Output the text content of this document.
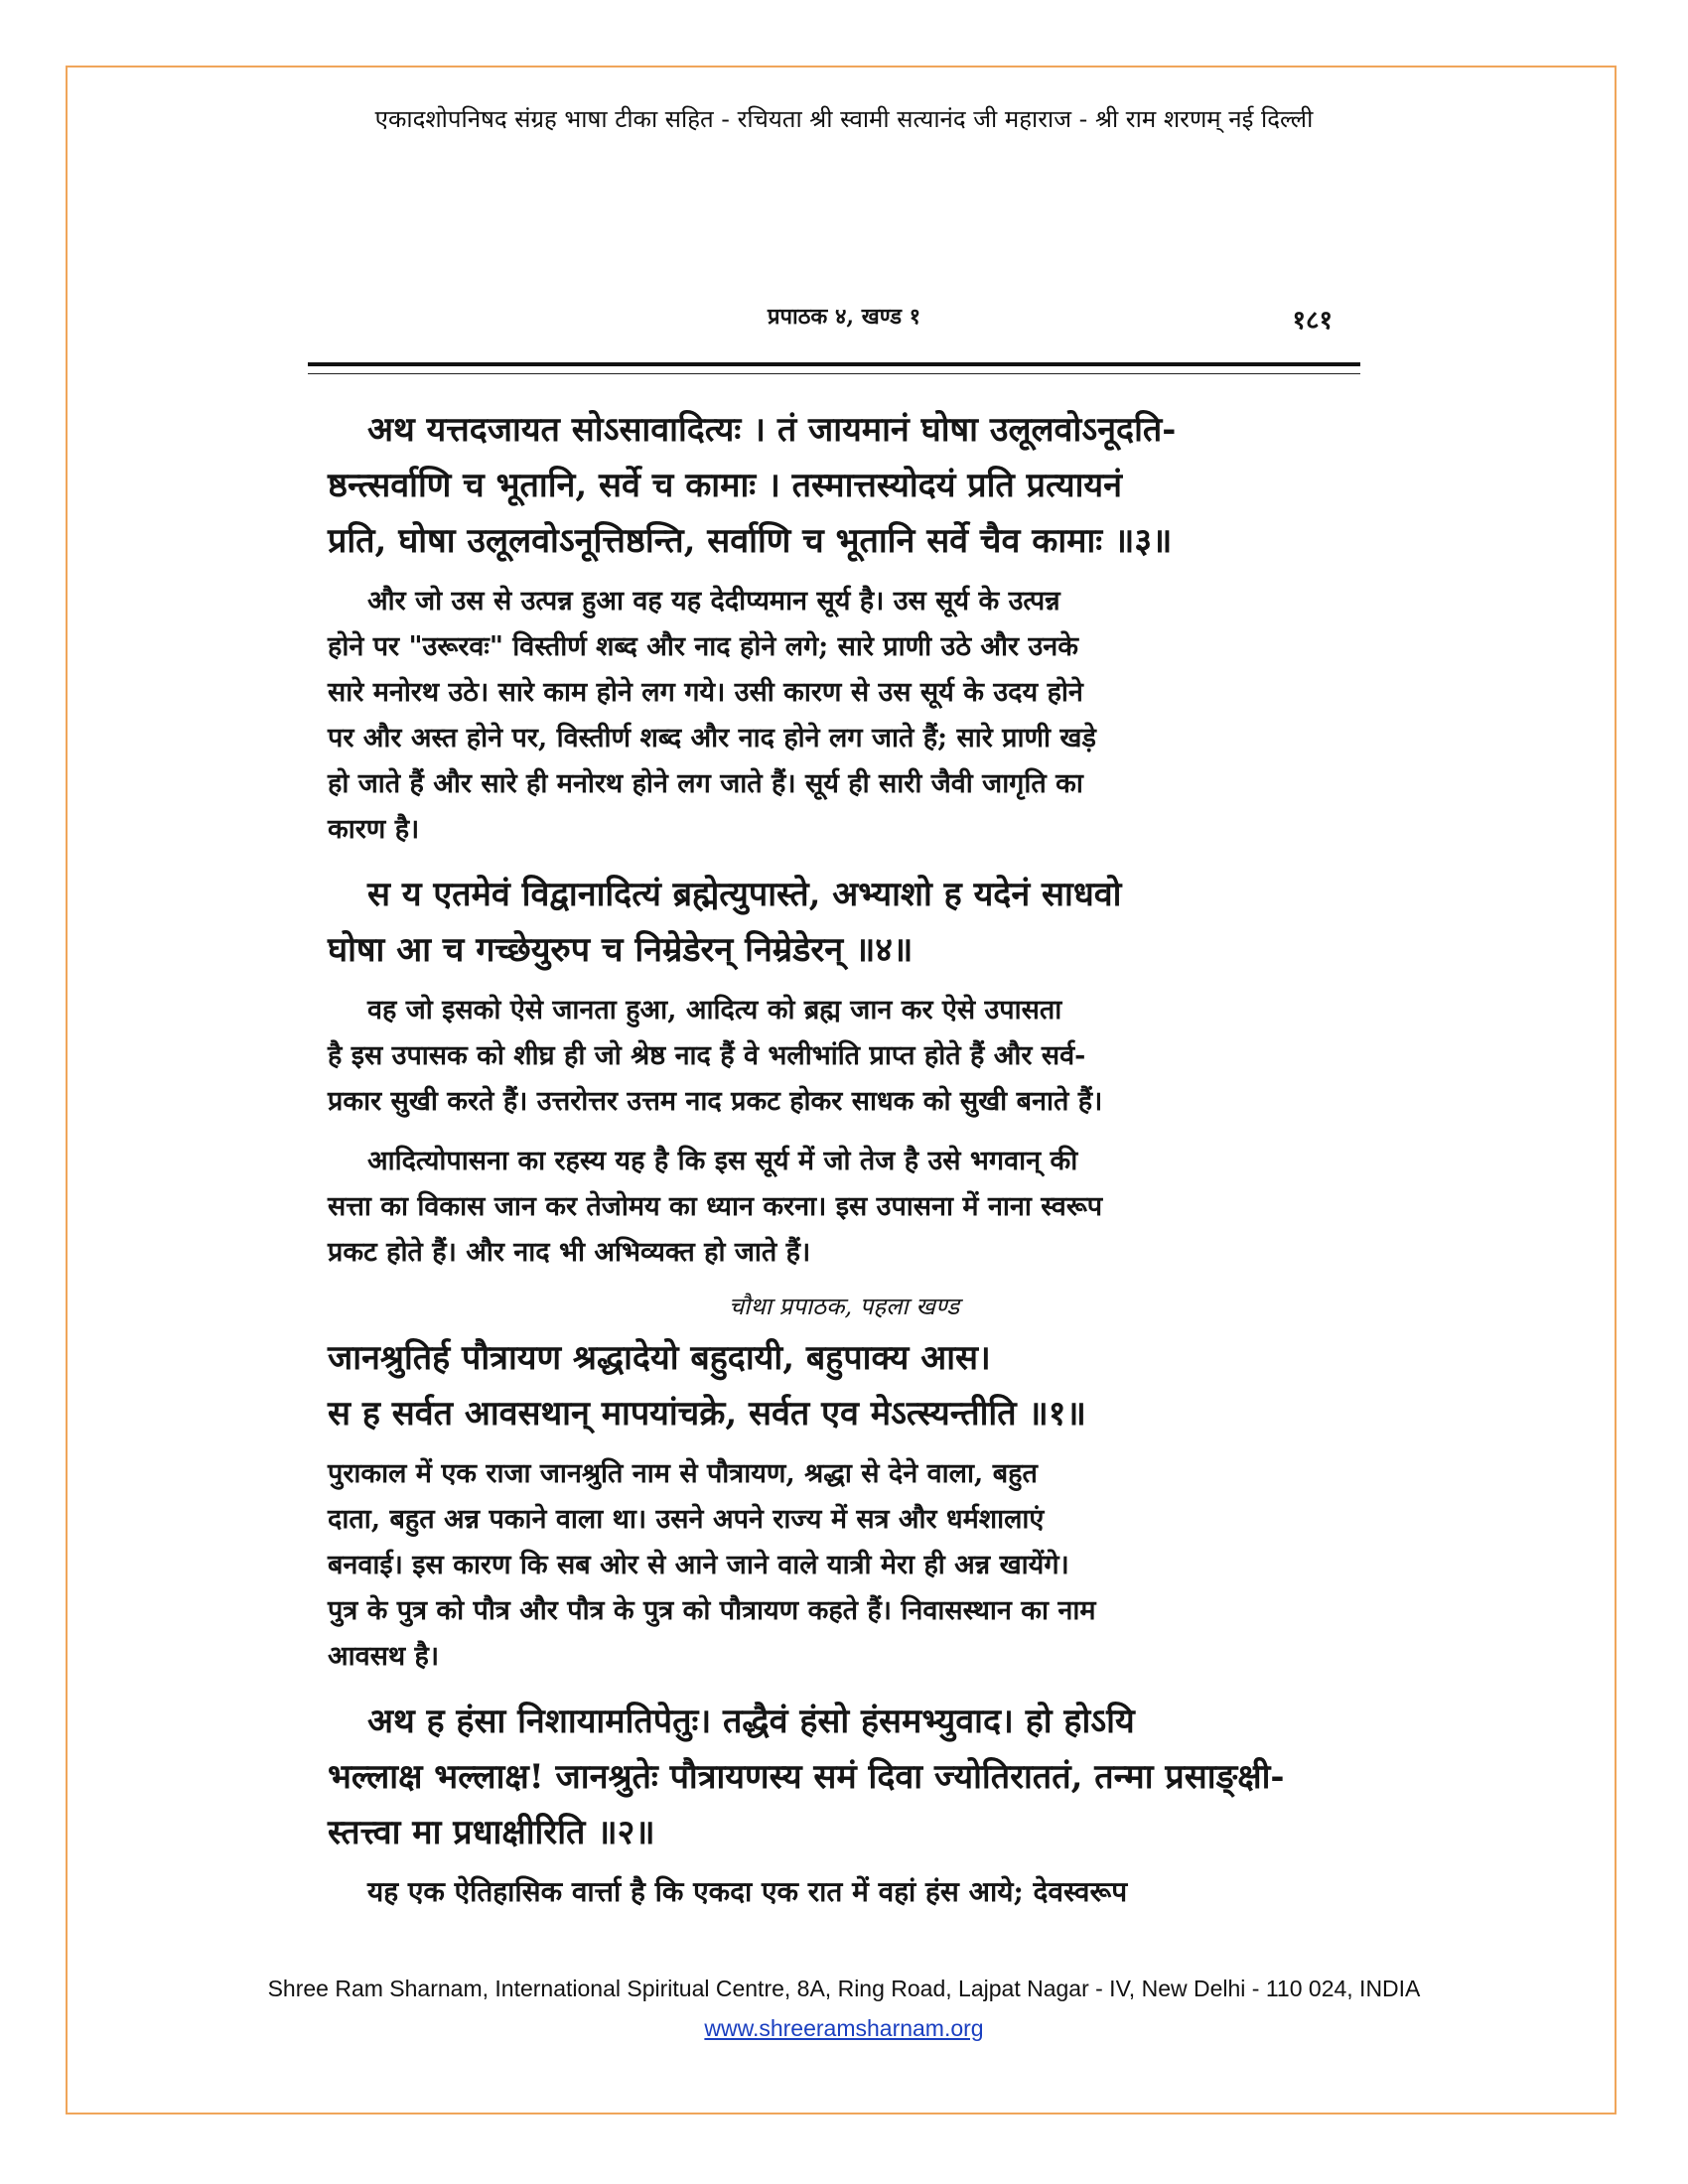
एकादशोपनिषद संग्रह भाषा टीका सहित - रचियता श्री स्वामी सत्यानंद जी महाराज - श्री राम शरणम् नई दिल्ली
प्रपाठक ४, खण्ड १	१८१
अथ यत्तदजायत सोऽसावादित्यः । तं जायमानं घोषा उलूलवोऽनूदति-
ष्ठन्त्सर्वाणि च भूतानि, सर्वे च कामाः । तस्मात्तस्योदयं प्रति प्रत्यायनं
प्रति, घोषा उलूलवोऽनूत्तिष्ठन्ति, सर्वाणि च भूतानि सर्वे चैव कामाः ॥३॥
और जो उस से उत्पन्न हुआ वह यह देदीप्यमान सूर्य है। उस सूर्य के उत्पन्न
होने पर "उरूरवः" विस्तीर्ण शब्द और नाद होने लगे; सारे प्राणी उठे और उनके
सारे मनोरथ उठे। सारे काम होने लग गये। उसी कारण से उस सूर्य के उदय होने
पर और अस्त होने पर, विस्तीर्ण शब्द और नाद होने लग जाते हैं; सारे प्राणी खड़े
हो जाते हैं और सारे ही मनोरथ होने लग जाते हैं। सूर्य ही सारी जैवी जागृति का
कारण है।
स य एतमेवं विद्वानादित्यं ब्रह्मेत्युपास्ते, अभ्याशो ह यदेनं साधवो
घोषा आ च गच्छेयुरुप च निम्रेडेरन् निम्रेडेरन् ॥४॥
वह जो इसको ऐसे जानता हुआ, आदित्य को ब्रह्म जान कर ऐसे उपासता
है इस उपासक को शीघ्र ही जो श्रेष्ठ नाद हैं वे भलीभांति प्राप्त होते हैं और सर्व-
प्रकार सुखी करते हैं। उत्तरोत्तर उत्तम नाद प्रकट होकर साधक को सुखी बनाते हैं।
आदित्योपासना का रहस्य यह है कि इस सूर्य में जो तेज है उसे भगवान् की
सत्ता का विकास जान कर तेजोमय का ध्यान करना। इस उपासना में नाना स्वरूप
प्रकट होते हैं। और नाद भी अभिव्यक्त हो जाते हैं।
चौथा प्रपाठक, पहला खण्ड
जानश्रुतिर्ह पौत्रायण श्रद्धादेयो बहुदायी, बहुपाक्य आस।
स ह सर्वत आवसथान् मापयांचक्रे, सर्वत एव मेऽत्स्यन्तीति ॥१॥
पुराकाल में एक राजा जानश्रुति नाम से पौत्रायण, श्रद्धा से देने वाला, बहुत
दाता, बहुत अन्न पकाने वाला था। उसने अपने राज्य में सत्र और धर्मशालाएं
बनवाई। इस कारण कि सब ओर से आने जाने वाले यात्री मेरा ही अन्न खायेंगे।
पुत्र के पुत्र को पौत्र और पौत्र के पुत्र को पौत्रायण कहते हैं। निवासस्थान का नाम
आवसथ है।
अथ ह हंसा निशायामतिपेतुः। तद्धैवं हंसो हंसमभ्युवाद। हो होऽयि
भल्लाक्ष भल्लाक्ष! जानश्रुतेः पौत्रायणस्य समं दिवा ज्योतिराततं, तन्मा प्रसाङ्क्षी-
स्तत्त्वा मा प्रधाक्षीरिति ॥२॥
यह एक ऐतिहासिक वार्त्ता है कि एकदा एक रात में वहां हंस आये; देवस्वरूप
Shree Ram Sharnam, International Spiritual Centre, 8A, Ring Road, Lajpat Nagar - IV, New Delhi - 110 024, INDIA
www.shreeramsharnam.org
